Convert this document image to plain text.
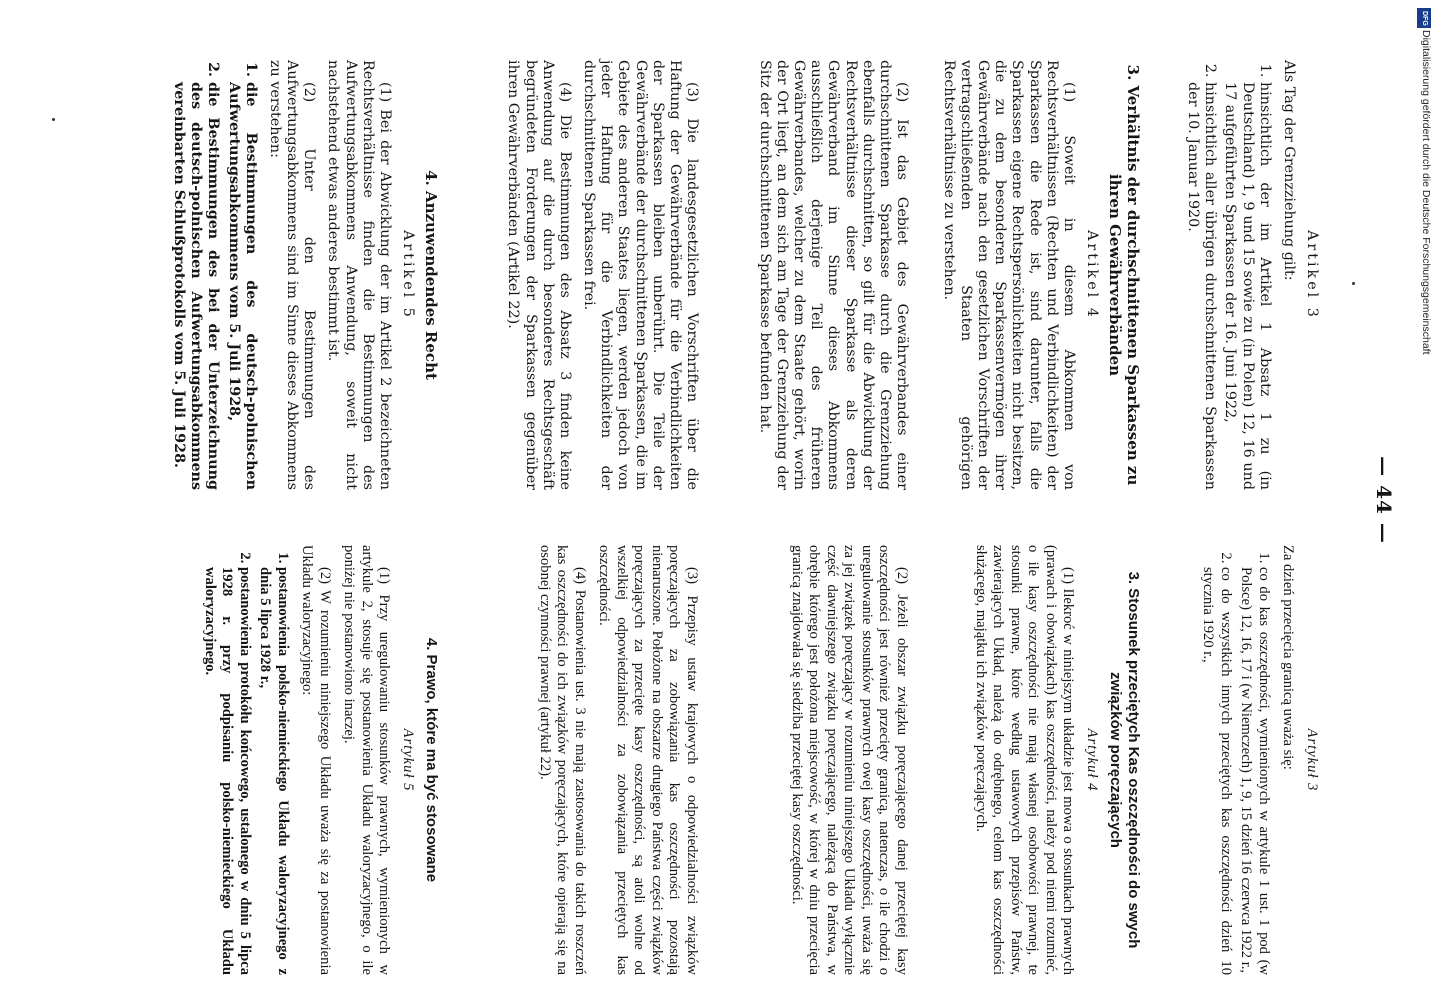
— 44 —
Artikel 3

Als Tag der Grenzziehung gilt:

1. hinsichtlich der im Artikel 1 Absatz 1 zu (in Deutschland) 1, 9 und 15 sowie zu (in Polen) 12, 16 und 17 aufgeführten Sparkassen der 16. Juni 1922,
2. hinsichtlich aller übrigen durchschnittenen Sparkassen der 10. Januar 1920.
3. Verhältnis der durchschnittenen Sparkassen zu ihren Gewährverbänden
Artikel 4

(1) Soweit in diesem Abkommen von Rechtsverhältnissen (Rechten und Verbindlichkeiten) der Sparkassen die Rede ist, sind darunter, falls die Sparkassen eigene Rechtspersönlichkeiten nicht besitzen, die zu dem besonderen Sparkassenvermögen ihrer Gewährverbände nach den gesetzlichen Vorschriften der vertragschließenden Staaten gehörigen Rechtsverhältnisse zu verstehen.

(2) Ist das Gebiet des Gewährverbandes einer durchschnittenen Sparkasse durch die Grenzziehung ebenfalls durchschnitten, so gilt für die Abwicklung der Rechtsverhältnisse dieser Sparkasse als deren Gewährverband im Sinne dieses Abkommens ausschließlich derjenige Teil des früheren Gewährverbandes, welcher zu dem Staate gehört, worin der Ort liegt, an dem sich am Tage der Grenzziehung der Sitz der durchschnittenen Sparkasse befunden hat.

(3) Die landesgesetzlichen Vorschriften über die Haftung der Gewährverbände für die Verbindlichkeiten der Sparkassen bleiben unberührt. Die Teile der Gewährverbände der durchschnittenen Sparkassen, die im Gebiete des anderen Staates liegen, werden jedoch von jeder Haftung für die Verbindlichkeiten der durchschnittenen Sparkassen frei.

(4) Die Bestimmungen des Absatz 3 finden keine Anwendung auf die durch besonderes Rechtsgeschäft begründeten Forderungen der Sparkassen gegenüber ihren Gewährverbänden (Artikel 22).

4. Anzuwendendes Recht
Artikel 5

(1) Bei der Abwicklung der im Artikel 2 bezeichneten Rechtsverhältnisse finden die Bestimmungen des Aufwertungsabkommens Anwendung, soweit nicht nachstehend etwas anderes bestimmt ist.

(2) Unter den Bestimmungen des Aufwertungsabkommens sind im Sinne dieses Abkommens zu verstehen:

1. die Bestimmungen des deutsch-polnischen Aufwertungsabkommens vom 5. Juli 1928,
2. die Bestimmungen des bei der Unterzeichnung des deutsch-polnischen Aufwertungsabkommens vereinbarten Schlußprotokolls vom 5. Juli 1928.
Artykuł 3

Za dzień przecięcia granicą uważa się:

1. co do kas oszczędności, wymienionych w artykule 1 ust. 1 pod (w Polsce) 12, 16, 17 i (w Niemczech) 1, 9, 15 dzień 16 czerwca 1922 r.,
2. co do wszystkich innych przeciętych kas oszczędności dzień 10 stycznia 1920 r.,
3. Stosunek przeciętych Kas oszczędności do swych związków poręczających
Artykuł 4

(1) Ilekroć w niniejszym układzie jest mowa o stosunkach prawnych (prawach i obowiązkach) kas oszczędności, należy pod niemi rozumieć, o ile kasy oszczędności nie mają własnej osobowości prawnej, te stosunki prawne, które według ustawowych przepisów Państw, zawierających Układ, należą do odrębnego, celom kas oszczędności służącego, majątku ich związków poręczających.

(2) Jeżeli obszar związku poręczającego danej przeciętej kasy oszczędności jest również przecięty granicą, natenczas, o ile chodzi o uregulowanie stosunków prawnych owej kasy oszczędności, uważa się za jej związek poręczający w rozumieniu niniejszego Układu wyłącznie część dawniejszego związku poręczającego, należącą do Państwa, w obrębie którego jest położona miejscowość, w której w dniu przecięcia granicą znajdowała się siedziba przeciętej kasy oszczędności.

(3) Przepisy ustaw krajowych o odpowiedzialności związków poręczających za zobowiązania kas oszczędności pozostają nienaruszone. Położone na obszarze drugiego Państwa części związków poręczających za przecięte kasy oszczędności, są atoli wolne od wszelkiej odpowiedzialności za zobowiązania przeciętych kas oszczędności.

(4) Postanowienia ust. 3 nie mają zastosowania do takich roszczeń kas oszczędności do ich związków poręczających, które opierają się na osobnej czynności prawnej (artykuł 22).

4. Prawo, które ma być stosowane
Artykuł 5

(1) Przy uregulowaniu stosunków prawnych, wymienionych w artykule 2, stosuje się postanowienia Układu waloryzacyjnego, o ile poniżej nie postanowiono inaczej.

(2) W rozumieniu niniejszego Układu uważa się za postanowienia Układu waloryzacyjnego:

1. postanowienia polsko-niemieckiego Układu waloryzacyjnego z dnia 5 lipca 1928 r.,
2. postanowienia protokółu końcowego, ustalonego w dniu 5 lipca 1928 r. przy podpisaniu polsko-niemieckiego Układu waloryzacyjnego.
DFG
Digitalisierung gefördert durch die Deutsche Forschungsgemeinschaft
